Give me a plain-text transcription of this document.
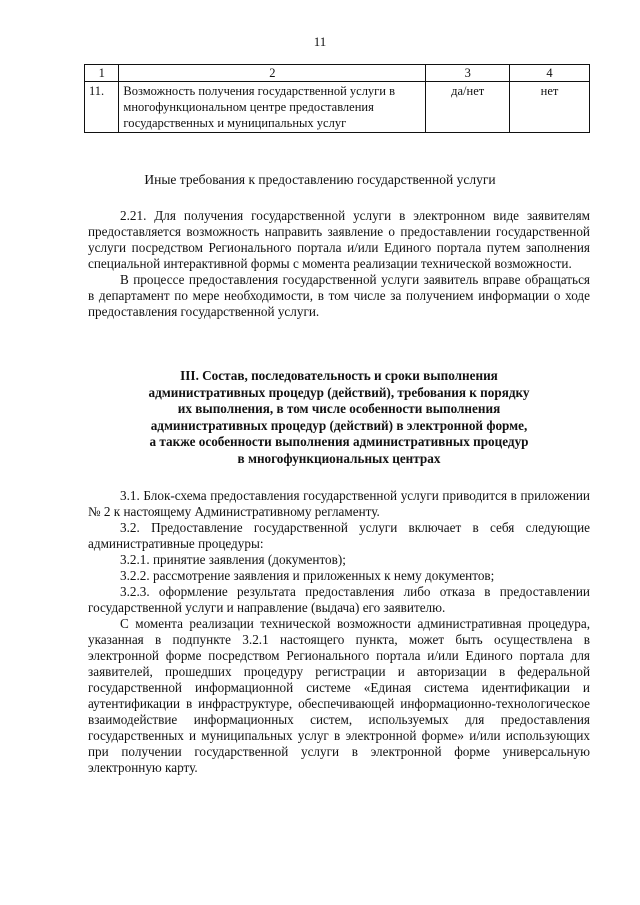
11
1	2	3	4
11.	Возможность получения государственной услуги в многофункциональном центре предоставления государственных и муниципальных услуг	да/нет	нет
Иные требования к предоставлению государственной услуги

2.21. Для получения государственной услуги в электронном виде заявителям предоставляется возможность направить заявление о предоставлении государственной услуги посредством Регионального портала и/или Единого портала путем заполнения специальной интерактивной формы с момента реализации технической возможности.

В процессе предоставления государственной услуги заявитель вправе обращаться в департамент по мере необходимости, в том числе за получением информации о ходе предоставления государственной услуги.

III. Состав, последовательность и сроки выполнения
административных процедур (действий), требования к порядку
их выполнения, в том числе особенности выполнения
административных процедур (действий) в электронной форме,
а также особенности выполнения административных процедур
в многофункциональных центрах

3.1. Блок-схема предоставления государственной услуги приводится в приложении № 2 к настоящему Административному регламенту.

3.2. Предоставление государственной услуги включает в себя следующие административные процедуры:

3.2.1. принятие заявления (документов);

3.2.2. рассмотрение заявления и приложенных к нему документов;

3.2.3. оформление результата предоставления либо отказа в предоставлении государственной услуги и направление (выдача) его заявителю.

С момента реализации технической возможности административная процедура, указанная в подпункте 3.2.1 настоящего пункта, может быть осуществлена в электронной форме посредством Регионального портала и/или Единого портала для заявителей, прошедших процедуру регистрации и авторизации в федеральной государственной информационной системе «Единая система идентификации и аутентификации в инфраструктуре, обеспечивающей информационно-технологическое взаимодействие информационных систем, используемых для предоставления государственных и муниципальных услуг в электронной форме» и/или использующих при получении государственной услуги в электронной форме универсальную электронную карту.
